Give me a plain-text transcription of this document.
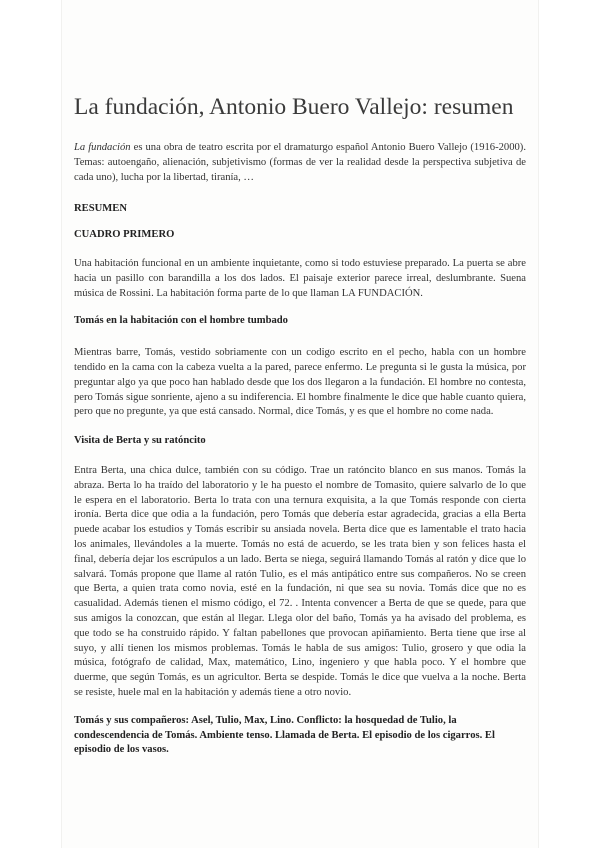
La fundación, Antonio Buero Vallejo: resumen

La fundación es una obra de teatro escrita por el dramaturgo español Antonio Buero Vallejo (1916-2000). Temas: autoengaño, alienación, subjetivismo (formas de ver la realidad desde la perspectiva subjetiva de cada uno), lucha por la libertad, tiranía, …

RESUMEN
CUADRO PRIMERO

Una habitación funcional en un ambiente inquietante, como si todo estuviese preparado. La puerta se abre hacia un pasillo con barandilla a los dos lados. El paisaje exterior parece irreal, deslumbrante. Suena música de Rossini. La habitación forma parte de lo que llaman LA FUNDACIÓN.

Tomás en la habitación con el hombre tumbado

Mientras barre, Tomás, vestido sobriamente con un codigo escrito en el pecho, habla con un hombre tendido en la cama con la cabeza vuelta a la pared, parece enfermo. Le pregunta si le gusta la música, por preguntar algo ya que poco han hablado desde que los dos llegaron a la fundación. El hombre no contesta, pero Tomás sigue sonriente, ajeno a su indiferencia. El hombre finalmente le dice que hable cuanto quiera, pero que no pregunte, ya que está cansado. Normal, dice Tomás, y es que el hombre no come nada.

Visita de Berta y su ratóncito

Entra Berta, una chica dulce, también con su código. Trae un ratóncito blanco en sus manos. Tomás la abraza. Berta lo ha traído del laboratorio y le ha puesto el nombre de Tomasito, quiere salvarlo de lo que le espera en el laboratorio. Berta lo trata con una ternura exquisita, a la que Tomás responde con cierta ironía. Berta dice que odia a la fundación, pero Tomás que debería estar agradecida, gracias a ella Berta puede acabar los estudios y Tomás escribir su ansiada novela. Berta dice que es lamentable el trato hacia los animales, llevándoles a la muerte. Tomás no está de acuerdo, se les trata bien y son felices hasta el final, debería dejar los escrúpulos a un lado. Berta se niega, seguirá llamando Tomás al ratón y dice que lo salvará. Tomás propone que llame al ratón Tulio, es el más antipático entre sus compañeros. No se creen que Berta, a quien trata como novia, esté en la fundación, ni que sea su novia. Tomás dice que no es casualidad. Además tienen el mismo código, el 72. . Intenta convencer a Berta de que se quede, para que sus amigos la conozcan, que están al llegar. Llega olor del baño, Tomás ya ha avisado del problema, es que todo se ha construido rápido. Y faltan pabellones que provocan apiñamiento. Berta tiene que irse al suyo, y allí tienen los mismos problemas. Tomás le habla de sus amigos: Tulio, grosero y que odia la música, fotógrafo de calidad, Max, matemático, Lino, ingeniero y que habla poco. Y el hombre que duerme, que según Tomás, es un agricultor. Berta se despide. Tomás le dice que vuelva a la noche. Berta se resiste, huele mal en la habitación y además tiene a otro novio.

Tomás y sus compañeros: Asel, Tulio, Max, Lino. Conflicto: la hosquedad de Tulio, la condescendencia de Tomás. Ambiente tenso. Llamada de Berta. El episodio de los cigarros. El episodio de los vasos.
